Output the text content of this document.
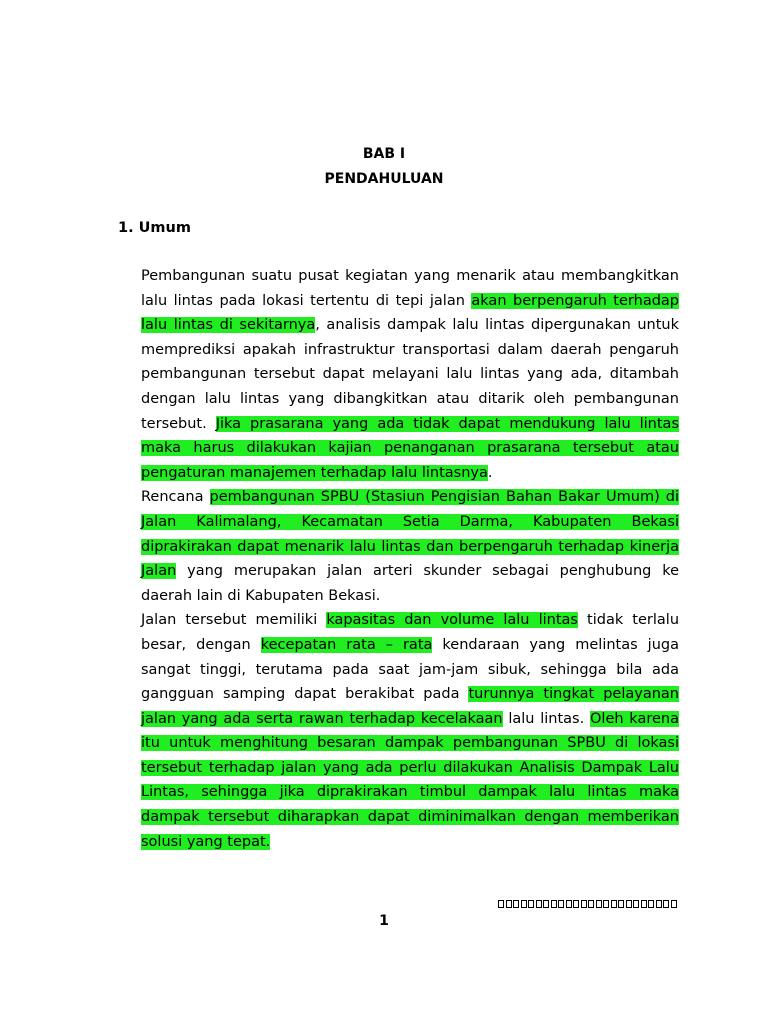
BAB I
PENDAHULUAN
1. Umum

Pembangunan suatu pusat kegiatan yang menarik atau membangkitkan lalu lintas pada lokasi tertentu di tepi jalan akan berpengaruh terhadap lalu lintas di sekitarnya, analisis dampak lalu lintas dipergunakan untuk memprediksi apakah infrastruktur transportasi dalam daerah pengaruh pembangunan tersebut dapat melayani lalu lintas yang ada, ditambah dengan lalu lintas yang dibangkitkan atau ditarik oleh pembangunan tersebut. Jika prasarana yang ada tidak dapat mendukung lalu lintas maka harus dilakukan kajian penanganan prasarana tersebut atau pengaturan manajemen terhadap lalu lintasnya.

Rencana pembangunan SPBU (Stasiun Pengisian Bahan Bakar Umum) di Jalan Kalimalang, Kecamatan Setia Darma, Kabupaten Bekasi diprakirakan dapat menarik lalu lintas dan berpengaruh terhadap kinerja Jalan yang merupakan jalan arteri skunder sebagai penghubung ke daerah lain di Kabupaten Bekasi.

Jalan tersebut memiliki kapasitas dan volume lalu lintas tidak terlalu besar, dengan kecepatan rata – rata kendaraan yang melintas juga sangat tinggi, terutama pada saat jam-jam sibuk, sehingga bila ada gangguan samping dapat berakibat pada turunnya tingkat pelayanan jalan yang ada serta rawan terhadap kecelakaan lalu lintas. Oleh karena itu untuk menghitung besaran dampak pembangunan SPBU di lokasi tersebut terhadap jalan yang ada perlu dilakukan Analisis Dampak Lalu Lintas, sehingga jika diprakirakan timbul dampak lalu lintas maka dampak tersebut diharapkan dapat diminimalkan dengan memberikan solusi yang tepat.

1
